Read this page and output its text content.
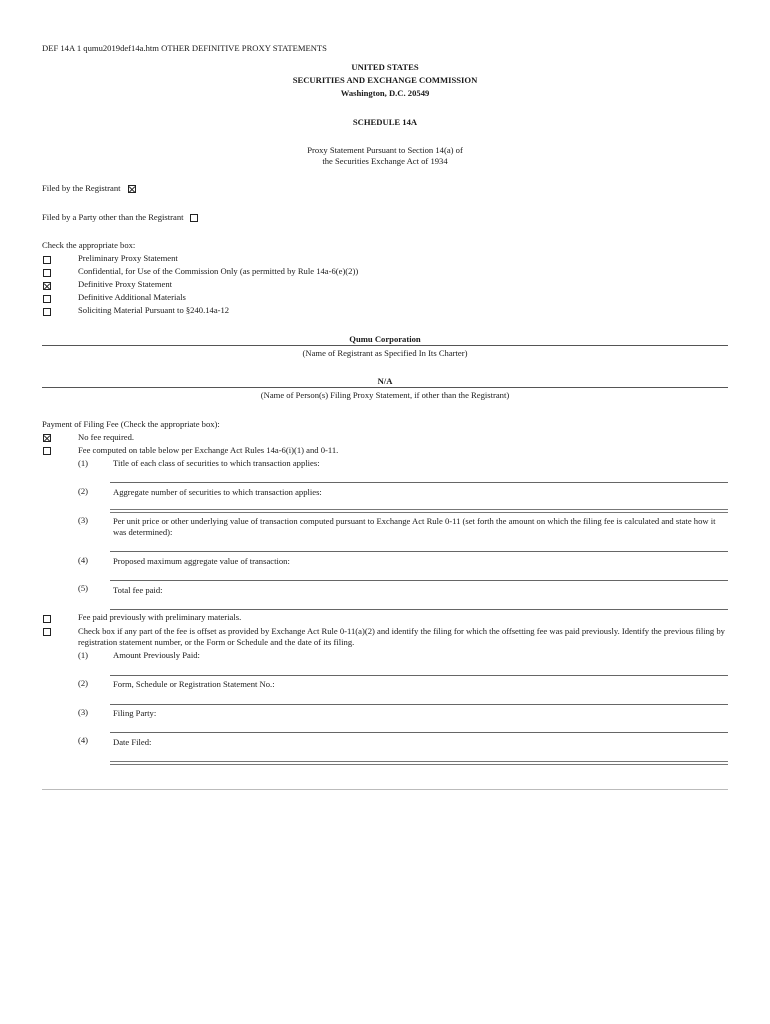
DEF 14A 1 qumu2019def14a.htm OTHER DEFINITIVE PROXY STATEMENTS
UNITED STATES
SECURITIES AND EXCHANGE COMMISSION
Washington, D.C. 20549
SCHEDULE 14A
Proxy Statement Pursuant to Section 14(a) of
the Securities Exchange Act of 1934
Filed by the Registrant
Filed by a Party other than the Registrant
Check the appropriate box:
Preliminary Proxy Statement
Confidential, for Use of the Commission Only (as permitted by Rule 14a-6(e)(2))
Definitive Proxy Statement
Definitive Additional Materials
Soliciting Material Pursuant to §240.14a-12
Qumu Corporation
(Name of Registrant as Specified In Its Charter)
N/A
(Name of Person(s) Filing Proxy Statement, if other than the Registrant)
Payment of Filing Fee (Check the appropriate box):
No fee required.
Fee computed on table below per Exchange Act Rules 14a-6(i)(1) and 0-11.
(1)	Title of each class of securities to which transaction applies:
(2)	Aggregate number of securities to which transaction applies:
(3)	Per unit price or other underlying value of transaction computed pursuant to Exchange Act Rule 0-11 (set forth the amount on which the filing fee is calculated and state how it was determined):
(4)	Proposed maximum aggregate value of transaction:
(5)	Total fee paid:
Fee paid previously with preliminary materials.
Check box if any part of the fee is offset as provided by Exchange Act Rule 0-11(a)(2) and identify the filing for which the offsetting fee was paid previously. Identify the previous filing by registration statement number, or the Form or Schedule and the date of its filing.
(1)	Amount Previously Paid:
(2)	Form, Schedule or Registration Statement No.:
(3)	Filing Party:
(4)	Date Filed:
